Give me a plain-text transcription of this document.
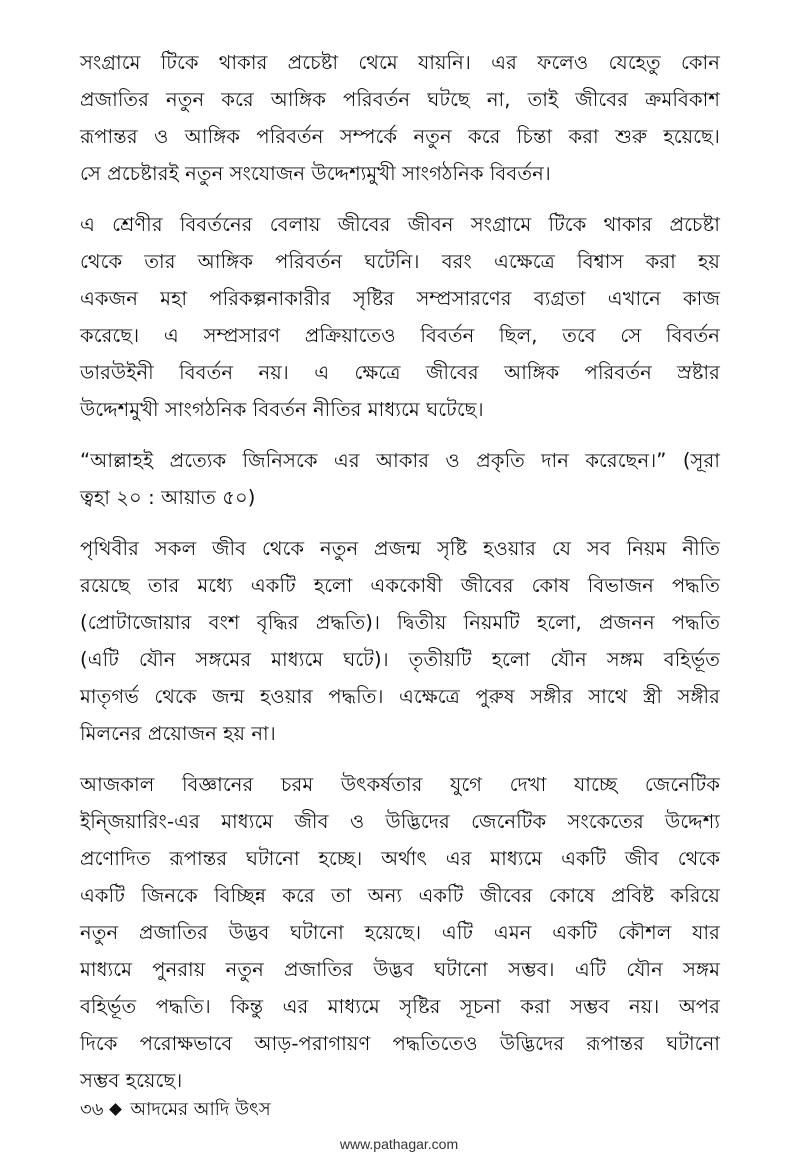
সংগ্রামে টিকে থাকার প্রচেষ্টা থেমে যায়নি। এর ফলেও যেহেতু কোন
প্রজাতির নতুন করে আঙ্গিক পরিবর্তন ঘটছে না, তাই জীবের ক্রমবিকাশ
রূপান্তর ও আঙ্গিক পরিবর্তন সম্পর্কে নতুন করে চিন্তা করা শুরু হয়েছে।
সে প্রচেষ্টারই নতুন সংযোজন উদ্দেশ্যমুখী সাংগঠনিক বিবর্তন।
এ শ্রেণীর বিবর্তনের বেলায় জীবের জীবন সংগ্রামে টিকে থাকার প্রচেষ্টা
থেকে তার আঙ্গিক পরিবর্তন ঘটেনি। বরং এক্ষেত্রে বিশ্বাস করা হয়
একজন মহা পরিকল্পনাকারীর সৃষ্টির সম্প্রসারণের ব্যগ্রতা এখানে কাজ
করেছে। এ সম্প্রসারণ প্রক্রিয়াতেও বিবর্তন ছিল, তবে সে বিবর্তন
ডারউইনী বিবর্তন নয়। এ ক্ষেত্রে জীবের আঙ্গিক পরিবর্তন স্রষ্টার
উদ্দেশমুখী সাংগঠনিক বিবর্তন নীতির মাধ্যমে ঘটেছে।
“আল্লাহই প্রত্যেক জিনিসকে এর আকার ও প্রকৃতি দান করেছেন।” (সূরা
ত্বহা ২০ : আয়াত ৫০)
পৃথিবীর সকল জীব থেকে নতুন প্রজন্ম সৃষ্টি হওয়ার যে সব নিয়ম নীতি
রয়েছে তার মধ্যে একটি হলো এককোষী জীবের কোষ বিভাজন পদ্ধতি
(প্রোটাজোয়ার বংশ বৃদ্ধির প্রদ্ধতি)। দ্বিতীয় নিয়মটি হলো, প্রজনন পদ্ধতি
(এটি যৌন সঙ্গমের মাধ্যমে ঘটে)। তৃতীয়টি হলো যৌন সঙ্গম বহির্ভূত
মাতৃগর্ভ থেকে জন্ম হওয়ার পদ্ধতি। এক্ষেত্রে পুরুষ সঙ্গীর সাথে স্ত্রী সঙ্গীর
মিলনের প্রয়োজন হয় না।
আজকাল বিজ্ঞানের চরম উৎকর্ষতার যুগে দেখা যাচ্ছে জেনেটিক
ইন্জিয়ারিং-এর মাধ্যমে জীব ও উদ্ভিদের জেনেটিক সংকেতের উদ্দেশ্য
প্রণোদিত রূপান্তর ঘটানো হচ্ছে। অর্থাৎ এর মাধ্যমে একটি জীব থেকে
একটি জিনকে বিচ্ছিন্ন করে তা অন্য একটি জীবের কোষে প্রবিষ্ট করিয়ে
নতুন প্রজাতির উদ্ভব ঘটানো হয়েছে। এটি এমন একটি কৌশল যার
মাধ্যমে পুনরায় নতুন প্রজাতির উদ্ভব ঘটানো সম্ভব। এটি যৌন সঙ্গম
বহির্ভূত পদ্ধতি। কিন্তু এর মাধ্যমে সৃষ্টির সূচনা করা সম্ভব নয়। অপর
দিকে পরোক্ষভাবে আড়-পরাগায়ণ পদ্ধতিতেও উদ্ভিদের রূপান্তর ঘটানো
সম্ভব হয়েছে।
৩৬ আদমের আদি উৎস
www.pathagar.com
